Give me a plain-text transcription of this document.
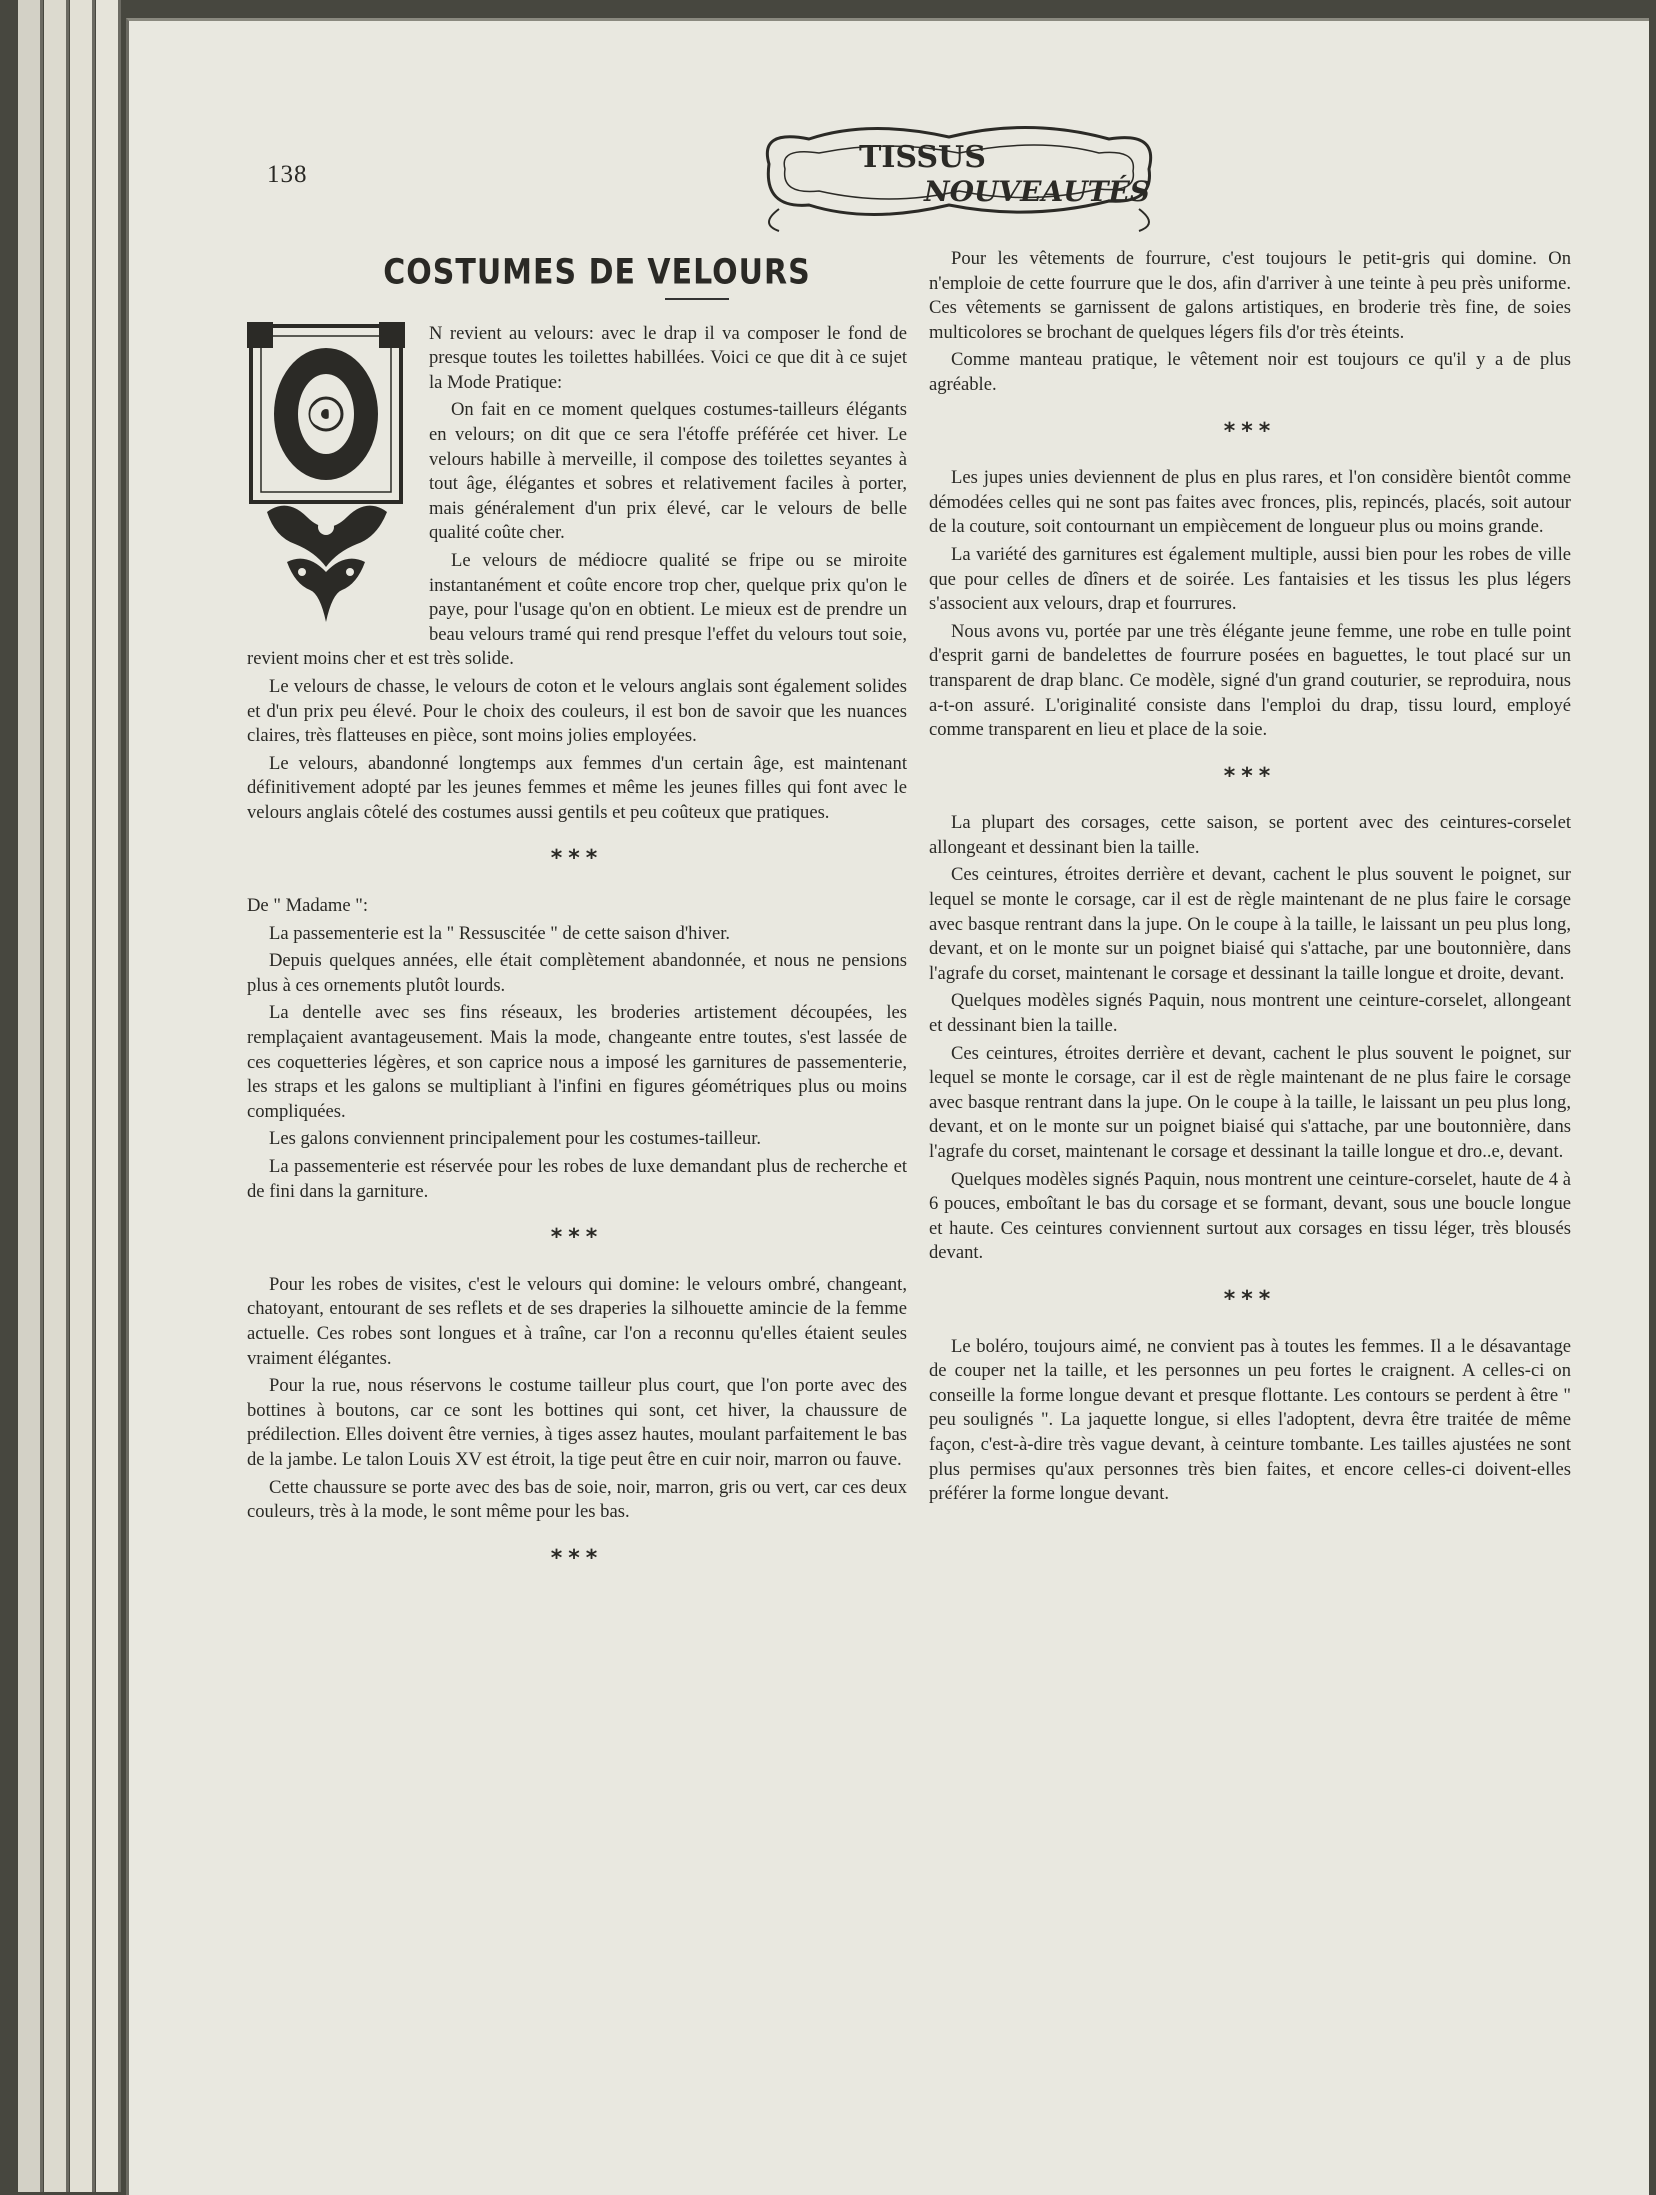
138	TISSUS
NOUVEAUTÉS
COSTUMES DE VELOURS
O

N revient au velours: avec le drap il va composer le fond de presque toutes les toilettes habillées. Voici ce que dit à ce sujet la Mode Pratique:

On fait en ce moment quelques costumes-tailleurs élégants en velours; on dit que ce sera l'étoffe préférée cet hiver. Le velours habille à merveille, il compose des toilettes seyantes à tout âge, élégantes et sobres et relativement faciles à porter, mais généralement d'un prix élevé, car le velours de belle qualité coûte cher.

Le velours de médiocre qualité se fripe ou se miroite instantanément et coûte encore trop cher, quelque prix qu'on le paye, pour l'usage qu'on en obtient. Le mieux est de prendre un beau velours tramé qui rend presque l'effet du velours tout soie, revient moins cher et est très solide.

Le velours de chasse, le velours de coton et le velours anglais sont également solides et d'un prix peu élevé. Pour le choix des couleurs, il est bon de savoir que les nuances claires, très flatteuses en pièce, sont moins jolies employées.

Le velours, abandonné longtemps aux femmes d'un certain âge, est maintenant définitivement adopté par les jeunes femmes et même les jeunes filles qui font avec le velours anglais côtelé des costumes aussi gentils et peu coûteux que pratiques.

***

De " Madame ":

La passementerie est la " Ressuscitée " de cette saison d'hiver.

Depuis quelques années, elle était complètement abandonnée, et nous ne pensions plus à ces ornements plutôt lourds.

La dentelle avec ses fins réseaux, les broderies artistement découpées, les remplaçaient avantageusement. Mais la mode, changeante entre toutes, s'est lassée de ces coquetteries légères, et son caprice nous a imposé les garnitures de passementerie, les straps et les galons se multipliant à l'infini en figures géométriques plus ou moins compliquées.

Les galons conviennent principalement pour les costumes-tailleur.

La passementerie est réservée pour les robes de luxe demandant plus de recherche et de fini dans la garniture.

***

Pour les robes de visites, c'est le velours qui domine: le velours ombré, changeant, chatoyant, entourant de ses reflets et de ses draperies la silhouette amincie de la femme actuelle. Ces robes sont longues et à traîne, car l'on a reconnu qu'elles étaient seules vraiment élégantes.

Pour la rue, nous réservons le costume tailleur plus court, que l'on porte avec des bottines à boutons, car ce sont les bottines qui sont, cet hiver, la chaussure de prédilection. Elles doivent être vernies, à tiges assez hautes, moulant parfaitement le bas de la jambe. Le talon Louis XV est étroit, la tige peut être en cuir noir, marron ou fauve.

Cette chaussure se porte avec des bas de soie, noir, marron, gris ou vert, car ces deux couleurs, très à la mode, le sont même pour les bas.

***

Pour les vêtements de fourrure, c'est toujours le petit-gris qui domine. On n'emploie de cette fourrure que le dos, afin d'arriver à une teinte à peu près uniforme. Ces vêtements se garnissent de galons artistiques, en broderie très fine, de soies multicolores se brochant de quelques légers fils d'or très éteints.

Comme manteau pratique, le vêtement noir est toujours ce qu'il y a de plus agréable.

***

Les jupes unies deviennent de plus en plus rares, et l'on considère bientôt comme démodées celles qui ne sont pas faites avec fronces, plis, repincés, placés, soit autour de la couture, soit contournant un empiècement de longueur plus ou moins grande.

La variété des garnitures est également multiple, aussi bien pour les robes de ville que pour celles de dîners et de soirée. Les fantaisies et les tissus les plus légers s'associent aux velours, drap et fourrures.

Nous avons vu, portée par une très élégante jeune femme, une robe en tulle point d'esprit garni de bandelettes de fourrure posées en baguettes, le tout placé sur un transparent de drap blanc. Ce modèle, signé d'un grand couturier, se reproduira, nous a-t-on assuré. L'originalité consiste dans l'emploi du drap, tissu lourd, employé comme transparent en lieu et place de la soie.

***

La plupart des corsages, cette saison, se portent avec des ceintures-corselet allongeant et dessinant bien la taille.

Ces ceintures, étroites derrière et devant, cachent le plus souvent le poignet, sur lequel se monte le corsage, car il est de règle maintenant de ne plus faire le corsage avec basque rentrant dans la jupe. On le coupe à la taille, le laissant un peu plus long, devant, et on le monte sur un poignet biaisé qui s'attache, par une boutonnière, dans l'agrafe du corset, maintenant le corsage et dessinant la taille longue et droite, devant.

Quelques modèles signés Paquin, nous montrent une ceinture-corselet, allongeant et dessinant bien la taille.

Ces ceintures, étroites derrière et devant, cachent le plus souvent le poignet, sur lequel se monte le corsage, car il est de règle maintenant de ne plus faire le corsage avec basque rentrant dans la jupe. On le coupe à la taille, le laissant un peu plus long, devant, et on le monte sur un poignet biaisé qui s'attache, par une boutonnière, dans l'agrafe du corset, maintenant le corsage et dessinant la taille longue et dro..e, devant.

Quelques modèles signés Paquin, nous montrent une ceinture-corselet, haute de 4 à 6 pouces, emboîtant le bas du corsage et se formant, devant, sous une boucle longue et haute. Ces ceintures conviennent surtout aux corsages en tissu léger, très blousés devant.

***

Le boléro, toujours aimé, ne convient pas à toutes les femmes. Il a le désavantage de couper net la taille, et les personnes un peu fortes le craignent. A celles-ci on conseille la forme longue devant et presque flottante. Les contours se perdent à être " peu soulignés ". La jaquette longue, si elles l'adoptent, devra être traitée de même façon, c'est-à-dire très vague devant, à ceinture tombante. Les tailles ajustées ne sont plus permises qu'aux personnes très bien faites, et encore celles-ci doivent-elles préférer la forme longue devant.
